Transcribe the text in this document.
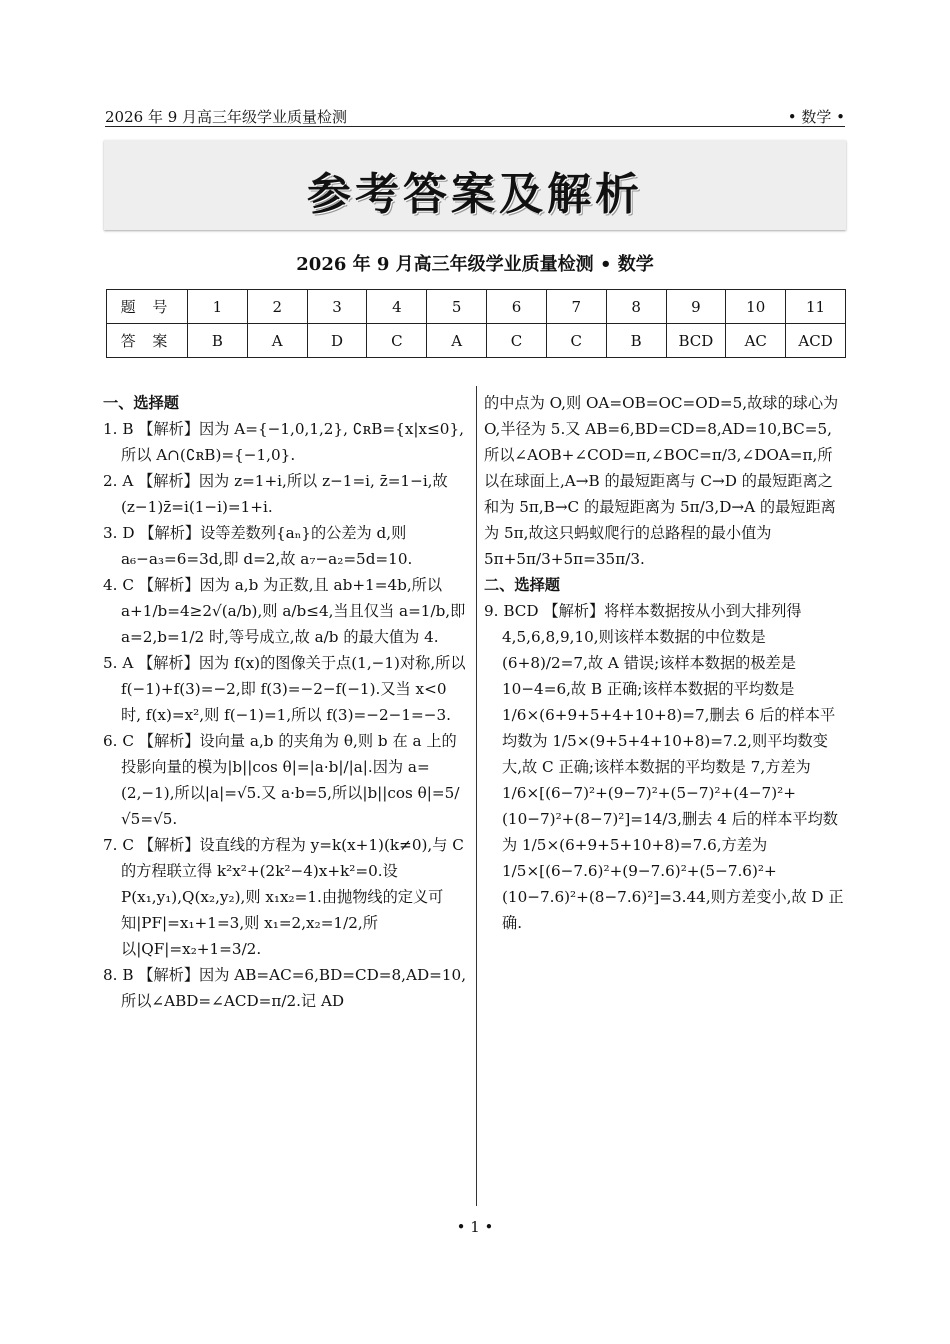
2026 年 9 月高三年级学业质量检测	• 数学 •
参考答案及解析
2026 年 9 月高三年级学业质量检测 • 数学
题 号	1	2	3	4	5	6	7	8	9	10	11
答 案	B	A	D	C	A	C	C	B	BCD	AC	ACD

一、选择题

1. B 【解析】因为 A={−1,0,1,2}, ∁ʀB={x|x≤0},所以 A∩(∁ʀB)={−1,0}.

2. A 【解析】因为 z=1+i,所以 z−1=i, z̄=1−i,故(z−1)z̄=i(1−i)=1+i.

3. D 【解析】设等差数列{aₙ}的公差为 d,则 a₆−a₃=6=3d,即 d=2,故 a₇−a₂=5d=10.

4. C 【解析】因为 a,b 为正数,且 ab+1=4b,所以 a+1/b=4≥2√(a/b),则 a/b≤4,当且仅当 a=1/b,即 a=2,b=1/2 时,等号成立,故 a/b 的最大值为 4.

5. A 【解析】因为 f(x)的图像关于点(1,−1)对称,所以 f(−1)+f(3)=−2,即 f(3)=−2−f(−1).又当 x<0 时, f(x)=x²,则 f(−1)=1,所以 f(3)=−2−1=−3.

6. C 【解析】设向量 a,b 的夹角为 θ,则 b 在 a 上的投影向量的模为|b||cos θ|=|a·b|/|a|.因为 a=(2,−1),所以|a|=√5.又 a·b=5,所以|b||cos θ|=5/√5=√5.

7. C 【解析】设直线的方程为 y=k(x+1)(k≠0),与 C 的方程联立得 k²x²+(2k²−4)x+k²=0.设 P(x₁,y₁),Q(x₂,y₂),则 x₁x₂=1.由抛物线的定义可知|PF|=x₁+1=3,则 x₁=2,x₂=1/2,所以|QF|=x₂+1=3/2.

8. B 【解析】因为 AB=AC=6,BD=CD=8,AD=10,所以∠ABD=∠ACD=π/2.记 AD

的中点为 O,则 OA=OB=OC=OD=5,故球的球心为 O,半径为 5.又 AB=6,BD=CD=8,AD=10,BC=5,所以∠AOB+∠COD=π,∠BOC=π/3,∠DOA=π,所以在球面上,A→B 的最短距离与 C→D 的最短距离之和为 5π,B→C 的最短距离为 5π/3,D→A 的最短距离为 5π,故这只蚂蚁爬行的总路程的最小值为 5π+5π/3+5π=35π/3.

二、选择题

9. BCD 【解析】将样本数据按从小到大排列得 4,5,6,8,9,10,则该样本数据的中位数是 (6+8)/2=7,故 A 错误;该样本数据的极差是 10−4=6,故 B 正确;该样本数据的平均数是 1/6×(6+9+5+4+10+8)=7,删去 6 后的样本平均数为 1/5×(9+5+4+10+8)=7.2,则平均数变大,故 C 正确;该样本数据的平均数是 7,方差为 1/6×[(6−7)²+(9−7)²+(5−7)²+(4−7)²+(10−7)²+(8−7)²]=14/3,删去 4 后的样本平均数为 1/5×(6+9+5+10+8)=7.6,方差为 1/5×[(6−7.6)²+(9−7.6)²+(5−7.6)²+(10−7.6)²+(8−7.6)²]=3.44,则方差变小,故 D 正确.

• 1 •
